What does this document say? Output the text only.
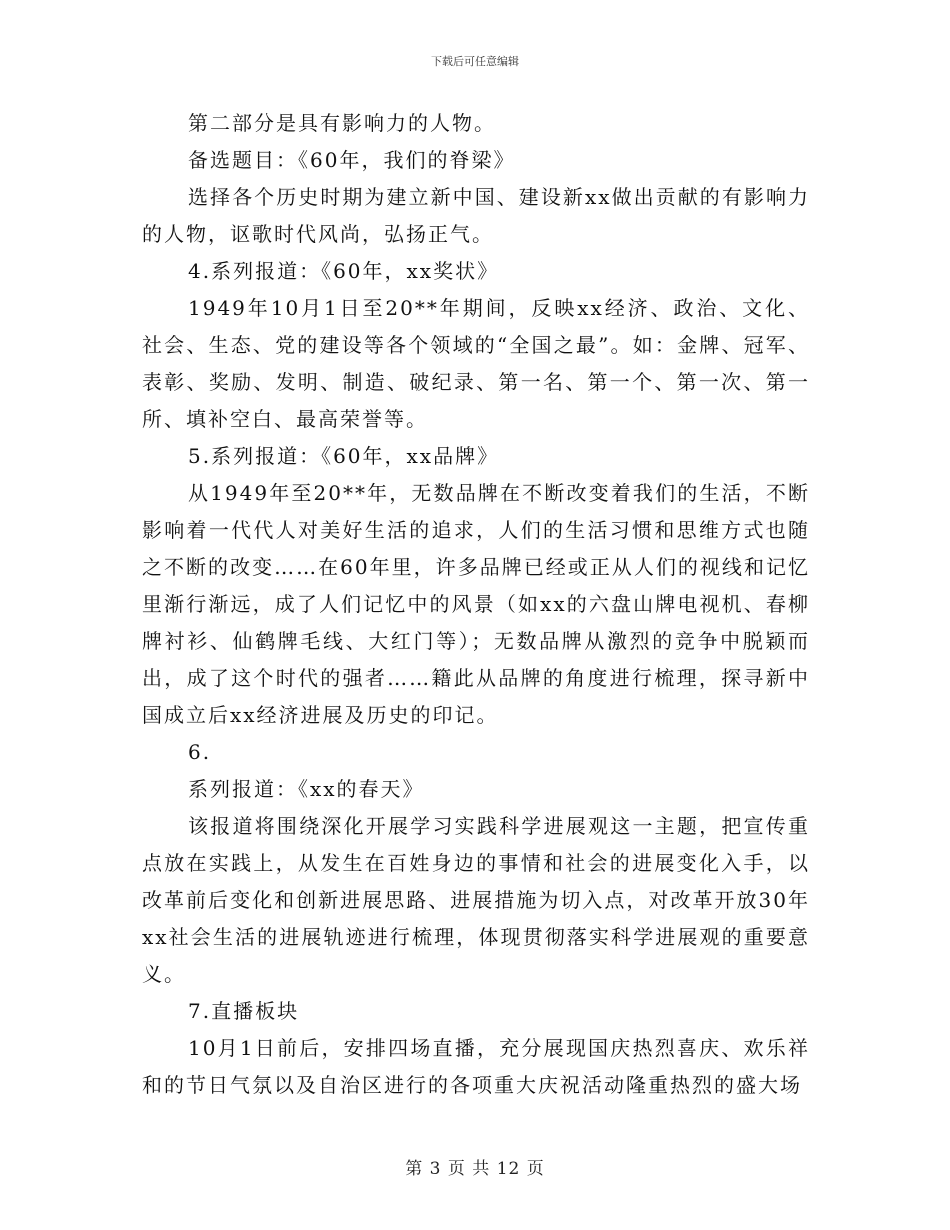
下载后可任意编辑

第二部分是具有影响力的人物。

备选题目：《60年，我们的脊梁》

选择各个历史时期为建立新中国、建设新xx做出贡献的有影响力的人物，讴歌时代风尚，弘扬正气。

4.系列报道：《60年，xx奖状》

1949年10月1日至20**年期间，反映xx经济、政治、文化、社会、生态、党的建设等各个领域的“全国之最”。如：金牌、冠军、表彰、奖励、发明、制造、破纪录、第一名、第一个、第一次、第一所、填补空白、最高荣誉等。

5.系列报道：《60年，xx品牌》

从1949年至20**年，无数品牌在不断改变着我们的生活，不断影响着一代代人对美好生活的追求，人们的生活习惯和思维方式也随之不断的改变……在60年里，许多品牌已经或正从人们的视线和记忆里渐行渐远，成了人们记忆中的风景（如xx的六盘山牌电视机、春柳牌衬衫、仙鹤牌毛线、大红门等）；无数品牌从激烈的竞争中脱颖而出，成了这个时代的强者……籍此从品牌的角度进行梳理，探寻新中国成立后xx经济进展及历史的印记。

6.

系列报道：《xx的春天》

该报道将围绕深化开展学习实践科学进展观这一主题，把宣传重点放在实践上，从发生在百姓身边的事情和社会的进展变化入手，以改革前后变化和创新进展思路、进展措施为切入点，对改革开放30年xx社会生活的进展轨迹进行梳理，体现贯彻落实科学进展观的重要意义。

7.直播板块

10月1日前后，安排四场直播，充分展现国庆热烈喜庆、欢乐祥和的节日气氛以及自治区进行的各项重大庆祝活动隆重热烈的盛大场

第 3 页 共 12 页
